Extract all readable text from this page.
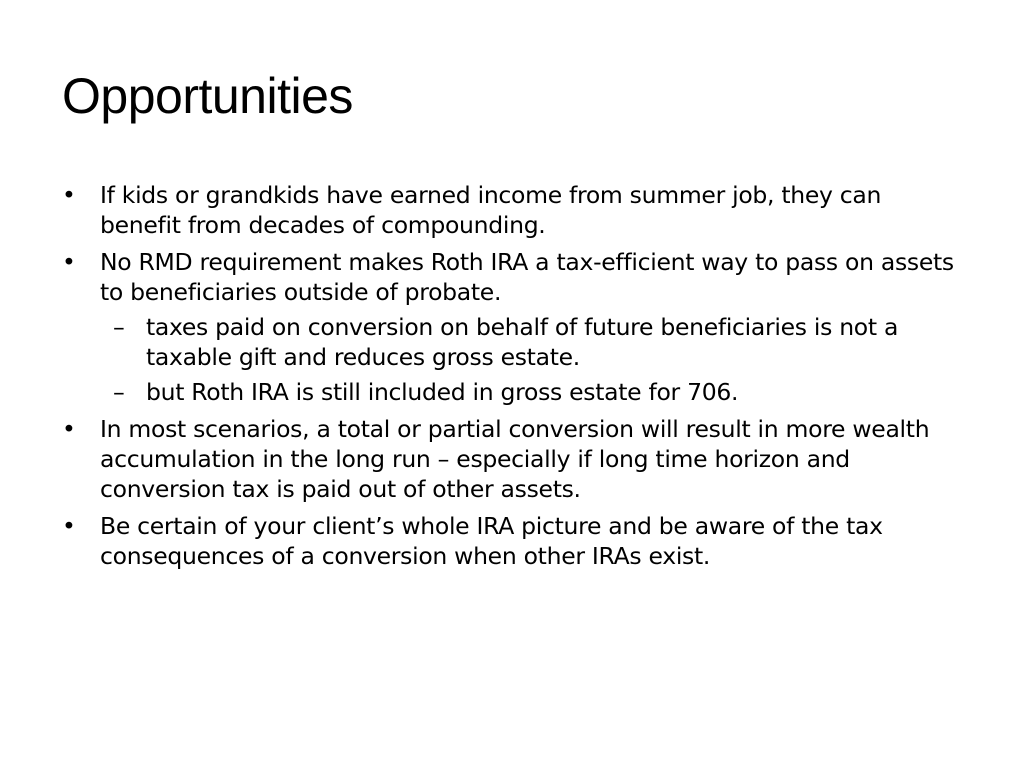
Opportunities
• If kids or grandkids have earned income from summer job, they can benefit from decades of compounding.
• No RMD requirement makes Roth IRA a tax-efficient way to pass on assets to beneficiaries outside of probate.
– taxes paid on conversion on behalf of future beneficiaries is not a taxable gift and reduces gross estate.
– but Roth IRA is still included in gross estate for 706.
• In most scenarios, a total or partial conversion will result in more wealth accumulation in the long run – especially if long time horizon and conversion tax is paid out of other assets.
• Be certain of your client’s whole IRA picture and be aware of the tax consequences of a conversion when other IRAs exist.
